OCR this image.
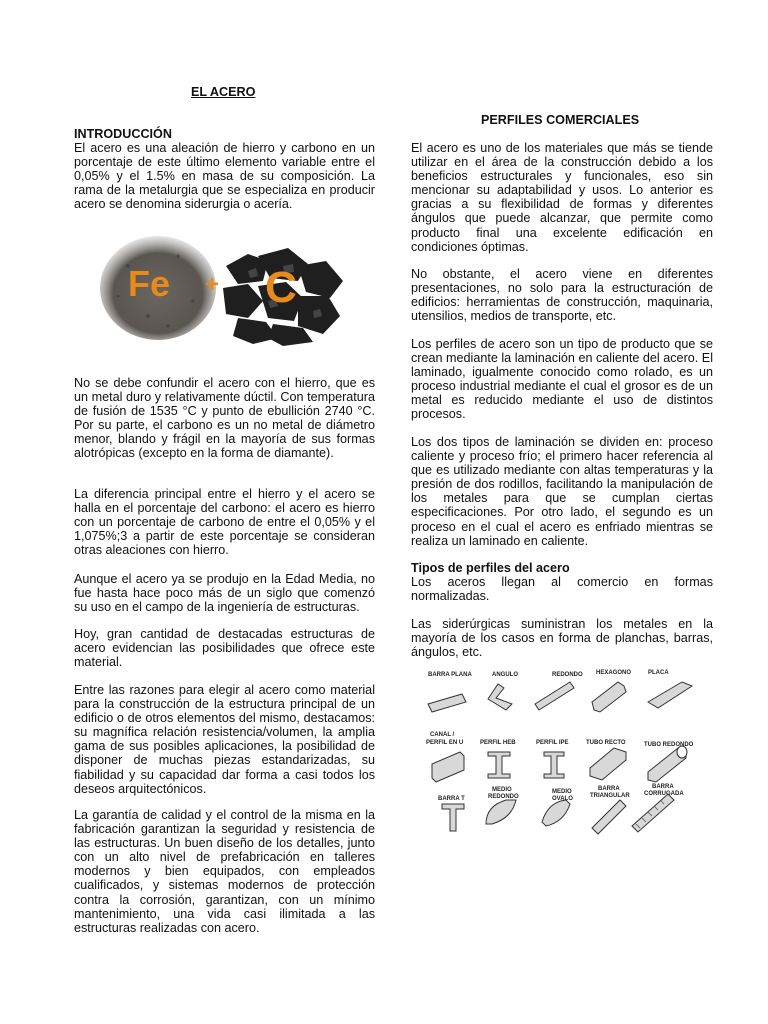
EL ACERO
INTRODUCCIÓN

El acero es una aleación de hierro y carbono en un porcentaje de este último elemento variable entre el 0,05% y el 1.5% en masa de su composición. La rama de la metalurgia que se especializa en producir acero se denomina siderurgia o acería.

Fe + C

No se debe confundir el acero con el hierro, que es un metal duro y relativamente dúctil. Con temperatura de fusión de 1535 °C y punto de ebullición 2740 °C. Por su parte, el carbono es un no metal de diámetro menor, blando y frágil en la mayoría de sus formas alotrópicas (excepto en la forma de diamante).

La diferencia principal entre el hierro y el acero se halla en el porcentaje del carbono: el acero es hierro con un porcentaje de carbono de entre el 0,05% y el 1,075%;3 a partir de este porcentaje se consideran otras aleaciones con hierro.

Aunque el acero ya se produjo en la Edad Media, no fue hasta hace poco más de un siglo que comenzó su uso en el campo de la ingeniería de estructuras.

Hoy, gran cantidad de destacadas estructuras de acero evidencian las posibilidades que ofrece este material.

Entre las razones para elegir al acero como material para la construcción de la estructura principal de un edificio o de otros elementos del mismo, destacamos: su magnífica relación resistencia/volumen, la amplia gama de sus posibles aplicaciones, la posibilidad de disponer de muchas piezas estandarizadas, su fiabilidad y su capacidad dar forma a casi todos los deseos arquitectónicos.

La garantía de calidad y el control de la misma en la fabricación garantizan la seguridad y resistencia de las estructuras. Un buen diseño de los detalles, junto con un alto nivel de prefabricación en talleres modernos y bien equipados, con empleados cualificados, y sistemas modernos de protección contra la corrosión, garantizan, con un mínimo mantenimiento, una vida casi ilimitada a las estructuras realizadas con acero.

PERFILES COMERCIALES

El acero es uno de los materiales que más se tiende utilizar en el área de la construcción debido a los beneficios estructurales y funcionales, eso sin mencionar su adaptabilidad y usos. Lo anterior es gracias a su flexibilidad de formas y diferentes ángulos que puede alcanzar, que permite como producto final una excelente edificación en condiciones óptimas.

No obstante, el acero viene en diferentes presentaciones, no solo para la estructuración de edificios: herramientas de construcción, maquinaria, utensilios, medios de transporte, etc.

Los perfiles de acero son un tipo de producto que se crean mediante la laminación en caliente del acero. El laminado, igualmente conocido como rolado, es un proceso industrial mediante el cual el grosor es de un metal es reducido mediante el uso de distintos procesos.

Los dos tipos de laminación se dividen en: proceso caliente y proceso frío; el primero hacer referencia al que es utilizado mediante con altas temperaturas y la presión de dos rodillos, facilitando la manipulación de los metales para que se cumplan ciertas especificaciones. Por otro lado, el segundo es un proceso en el cual el acero es enfriado mientras se realiza un laminado en caliente.

Tipos de perfiles del acero

Los aceros llegan al comercio en formas normalizadas.

Las siderúrgicas suministran los metales en la mayoría de los casos en forma de planchas, barras, ángulos, etc.

BARRA PLANA	ANGULO	REDONDO HEXAGONO	PLACA
CANAL /
PERFIL EN U	PERFIL HEB	PERFIL IPE	TUBO RECTO	TUBO REDONDO
BARRA T
MEDIO
REDONDO
MEDIO
OVALO
BARRA
TRIANGULAR
BARRA
CORRUGADA
